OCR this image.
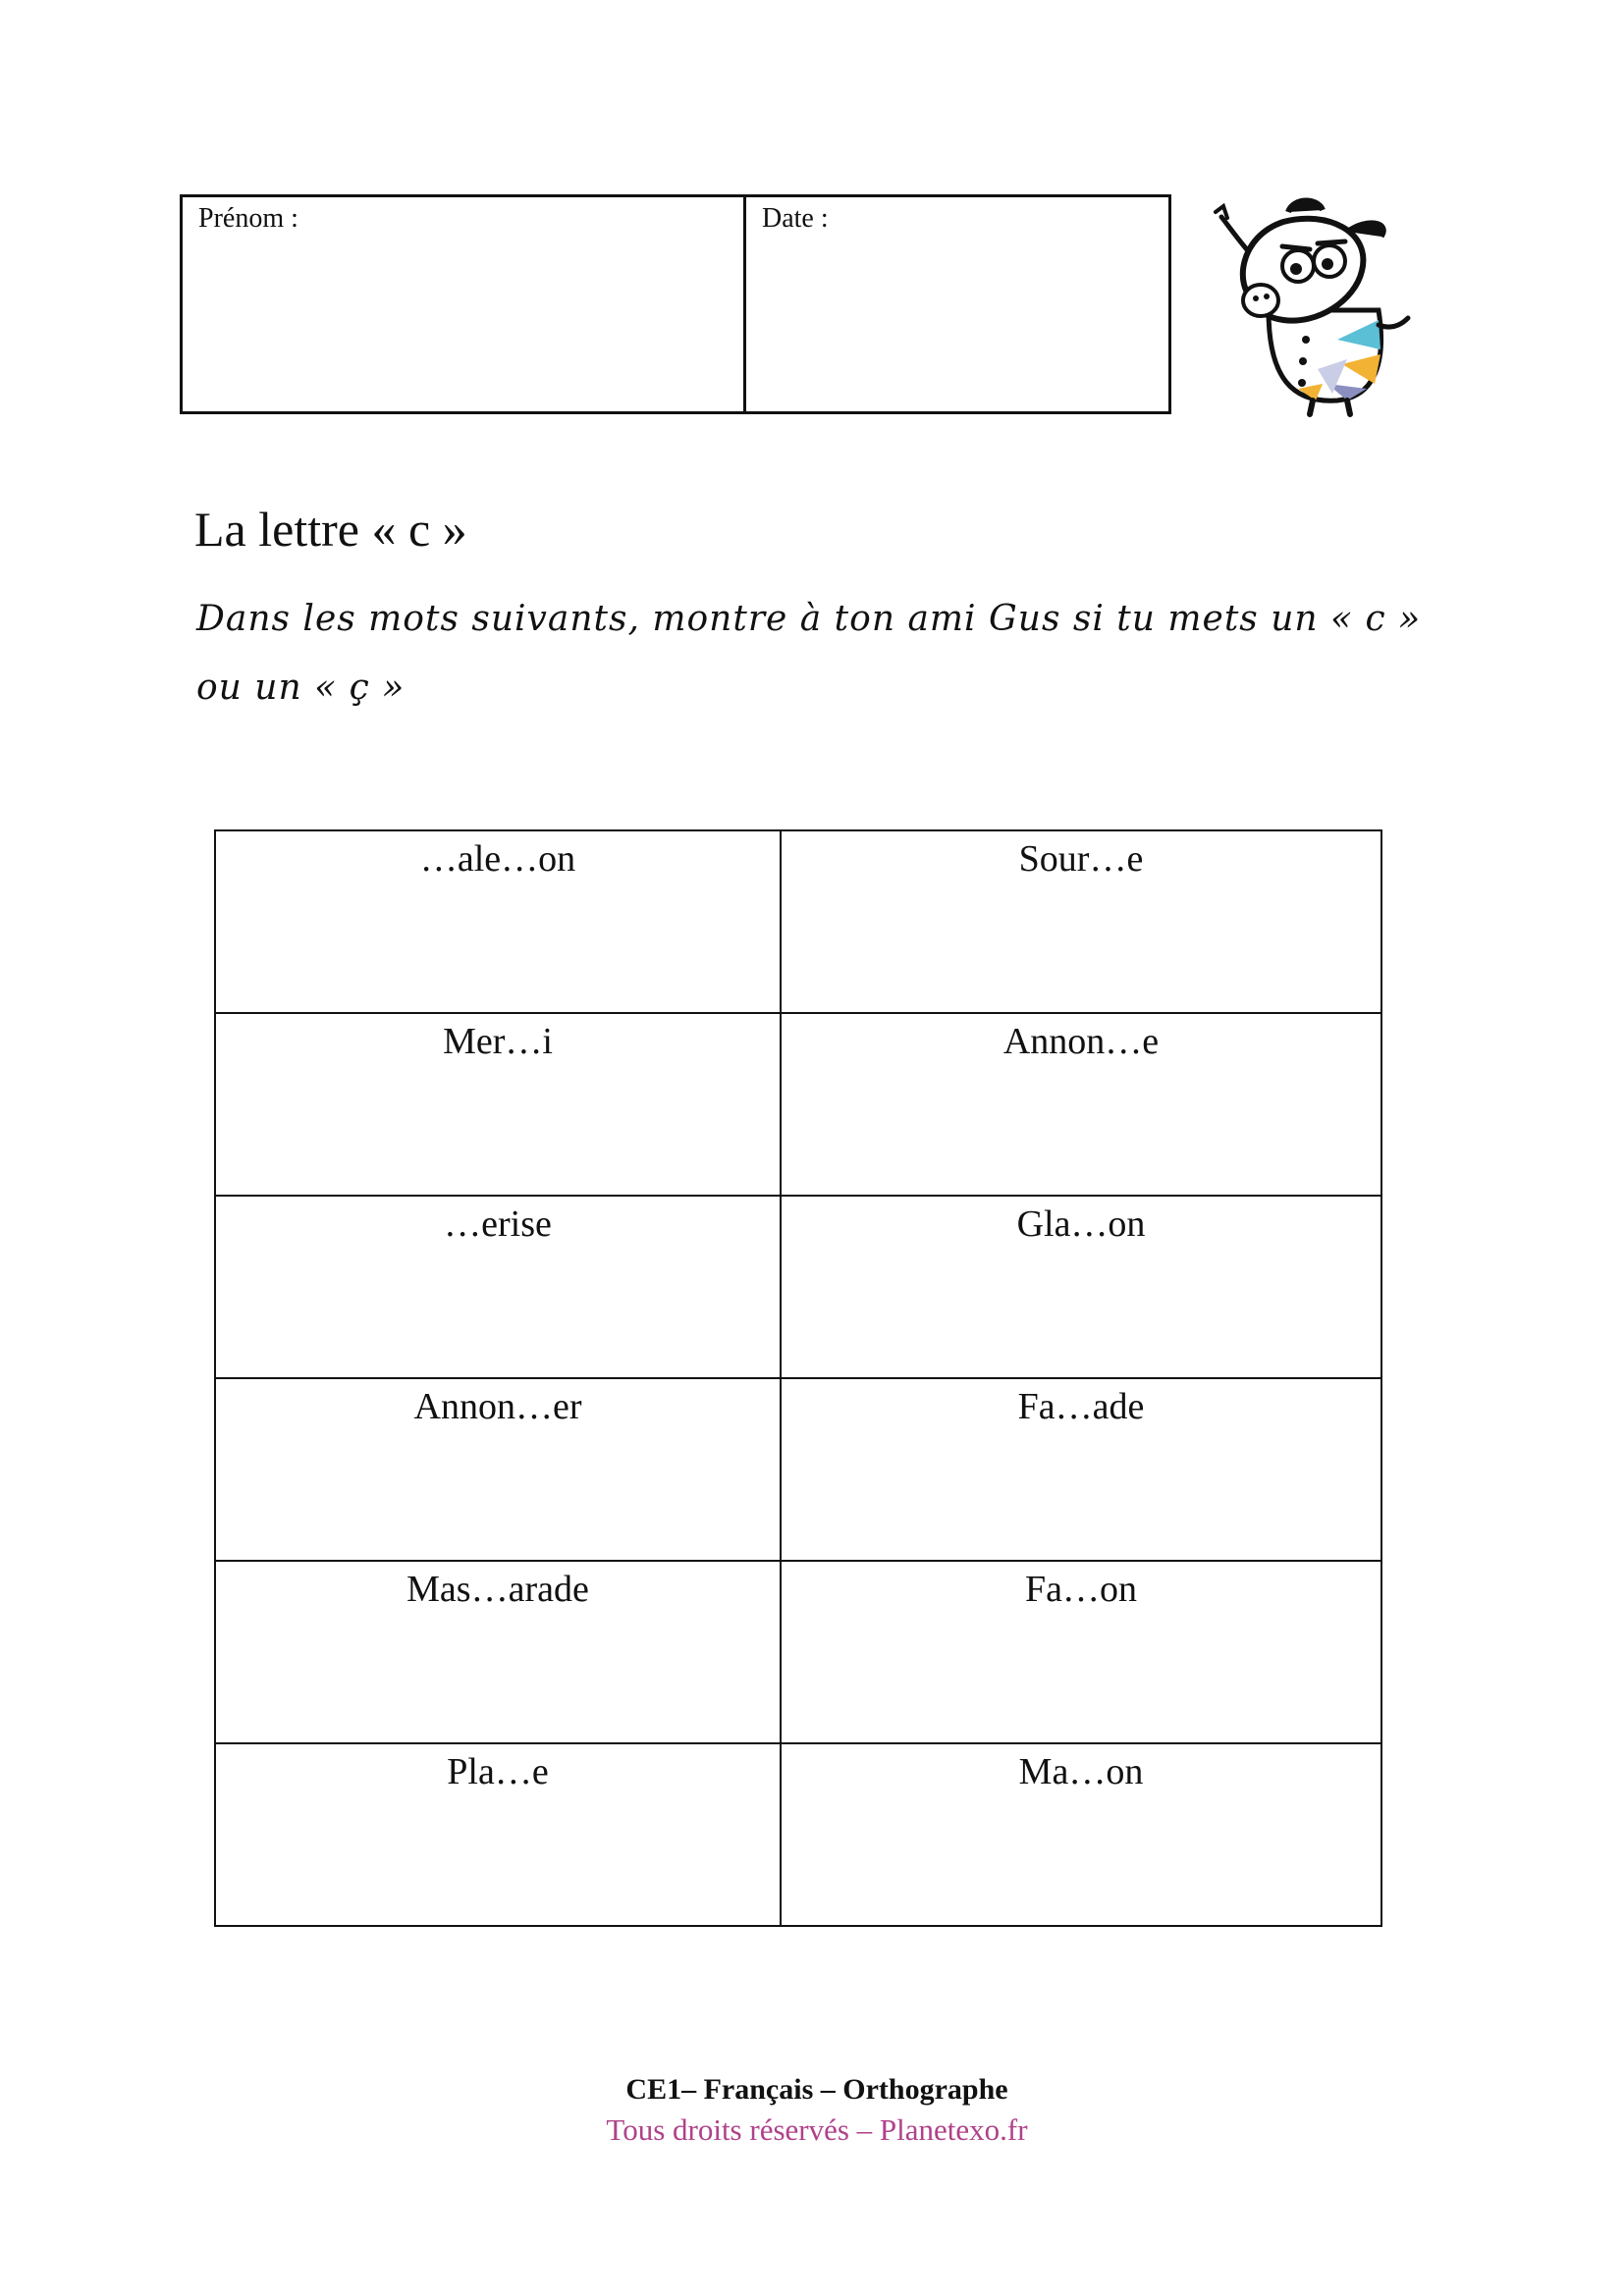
Prénom :	Date :
La lettre « c »

Dans les mots suivants, montre à ton ami Gus si tu mets un « c » ou un « ç »

…ale…on	Sour…e
Mer…i	Annon…e
…erise	Gla…on
Annon…er	Fa…ade
Mas…arade	Fa…on
Pla…e	Ma…on
CE1– Français – Orthographe
Tous droits réservés – Planetexo.fr
